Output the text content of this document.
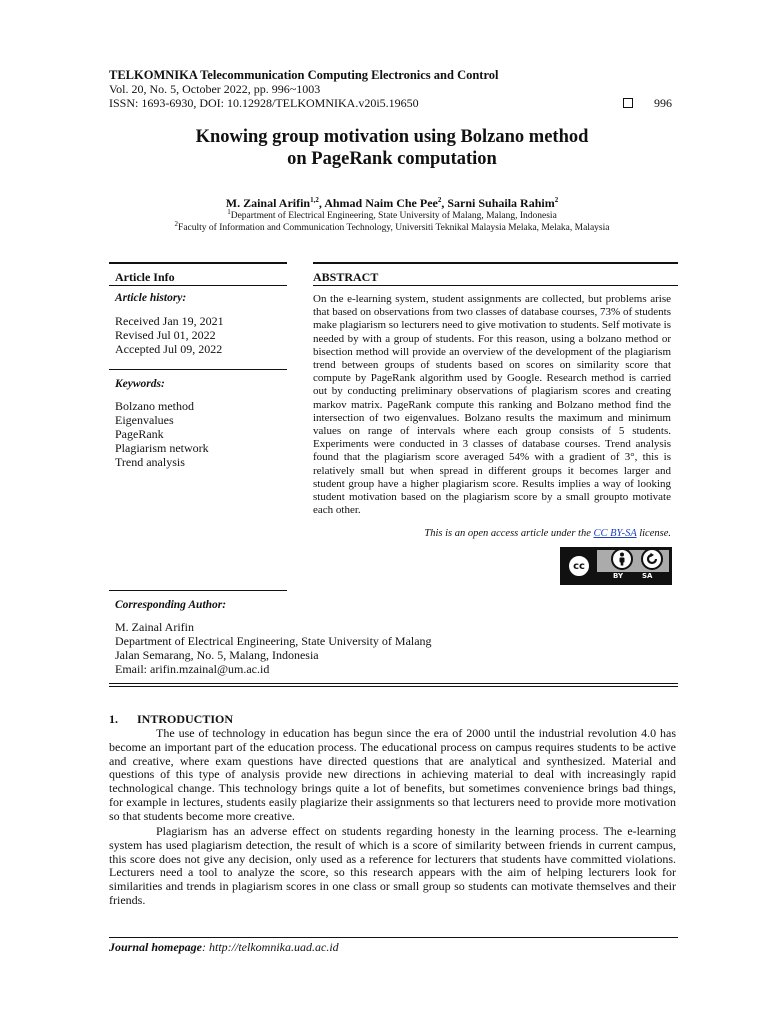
TELKOMNIKA Telecommunication Computing Electronics and Control
Vol. 20, No. 5, October 2022, pp. 996~1003
ISSN: 1693-6930, DOI: 10.12928/TELKOMNIKA.v20i5.19650	996
Knowing group motivation using Bolzano method
on PageRank computation
M. Zainal Arifin$^{1,2}$, Ahmad Naim Che Pee$^2$, Sarni Suhaila Rahim$^2$
$^1$Department of Electrical Engineering, State University of Malang, Malang, Indonesia
$^2$Faculty of Information and Communication Technology, Universiti Teknikal Malaysia Melaka, Melaka, Malaysia
Article Info
Article history:
Received Jan 19, 2021
Revised Jul 01, 2022
Accepted Jul 09, 2022
Keywords:
Bolzano method
Eigenvalues
PageRank
Plagiarism network
Trend analysis
ABSTRACT
On the e-learning system, student assignments are collected, but problems arise that based on observations from two classes of database courses, 73% of students make plagiarism so lecturers need to give motivation to students. Self motivate is needed by with a group of students. For this reason, using a bolzano method or bisection method will provide an overview of the development of the plagiarism trend between groups of students based on scores on similarity score that compute by PageRank algorithm used by Google. Research method is carried out by conducting preliminary observations of plagiarism scores and creating markov matrix. PageRank compute this ranking and Bolzano method find the intersection of two eigenvalues. Bolzano results the maximum and minimum values on range of intervals where each group consists of 5 students. Experiments were conducted in 3 classes of database courses. Trend analysis found that the plagiarism score averaged 54% with a gradient of 3°, this is relatively small but when spread in different groups it becomes larger and student group have a higher plagiarism score. Results implies a way of looking student motivation based on the plagiarism score by a small groupto motivate each other.
This is an open access article under the CC BY-SA license.
cc
BY	SA
Corresponding Author:
M. Zainal Arifin
Department of Electrical Engineering, State University of Malang
Jalan Semarang, No. 5, Malang, Indonesia
Email: arifin.mzainal@um.ac.id
1. INTRODUCTION
The use of technology in education has begun since the era of 2000 until the industrial revolution 4.0 has become an important part of the education process. The educational process on campus requires students to be active and creative, where exam questions have directed questions that are analytical and synthesized. Material and questions of this type of analysis provide new directions in achieving material to deal with increasingly rapid technological change. This technology brings quite a lot of benefits, but sometimes convenience brings bad things, for example in lectures, students easily plagiarize their assignments so that lecturers need to provide more motivation so that students become more creative.
Plagiarism has an adverse effect on students regarding honesty in the learning process. The e-learning system has used plagiarism detection, the result of which is a score of similarity between friends in current campus, this score does not give any decision, only used as a reference for lecturers that students have committed violations. Lecturers need a tool to analyze the score, so this research appears with the aim of helping lecturers look for similarities and trends in plagiarism scores in one class or small group so students can motivate themselves and their friends.
Journal homepage: http://telkomnika.uad.ac.id
